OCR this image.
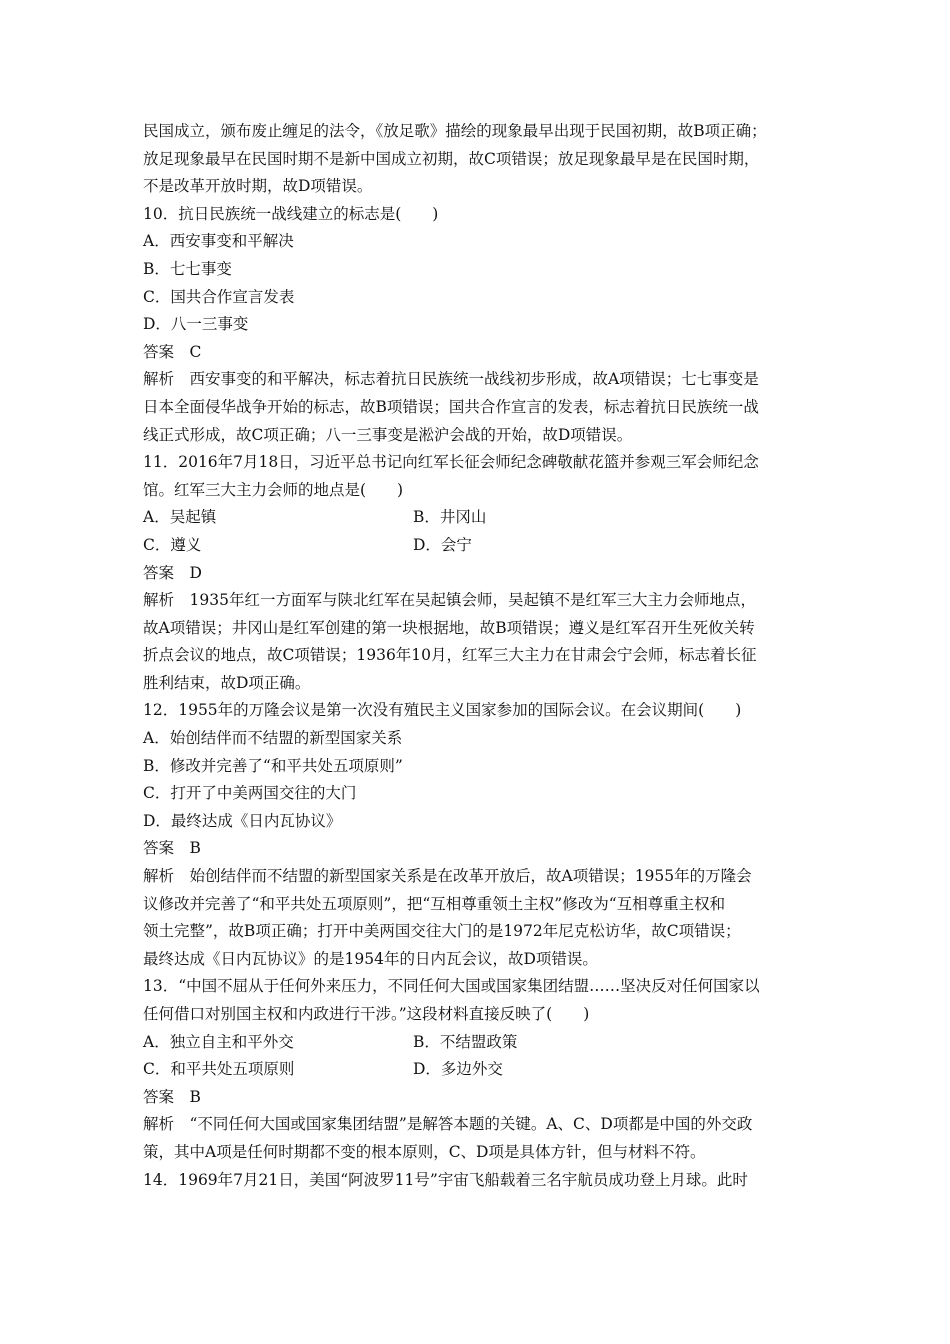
民国成立，颁布废止缠足的法令，《放足歌》描绘的现象最早出现于民国初期，故B项正确；
放足现象最早在民国时期不是新中国成立初期，故C项错误；放足现象最早是在民国时期，
不是改革开放时期，故D项错误。
10．抗日民族统一战线建立的标志是(　　)
A．西安事变和平解决
B．七七事变
C．国共合作宣言发表
D．八一三事变
答案　C
解析　西安事变的和平解决，标志着抗日民族统一战线初步形成，故A项错误；七七事变是
日本全面侵华战争开始的标志，故B项错误；国共合作宣言的发表，标志着抗日民族统一战
线正式形成，故C项正确；八一三事变是淞沪会战的开始，故D项错误。
11．2016年7月18日，习近平总书记向红军长征会师纪念碑敬献花篮并参观三军会师纪念
馆。红军三大主力会师的地点是(　　)
A．吴起镇	B．井冈山
C．遵义	D．会宁
答案　D
解析　1935年红一方面军与陕北红军在吴起镇会师，吴起镇不是红军三大主力会师地点，
故A项错误；井冈山是红军创建的第一块根据地，故B项错误；遵义是红军召开生死攸关转
折点会议的地点，故C项错误；1936年10月，红军三大主力在甘肃会宁会师，标志着长征
胜利结束，故D项正确。
12．1955年的万隆会议是第一次没有殖民主义国家参加的国际会议。在会议期间(　　)
A．始创结伴而不结盟的新型国家关系
B．修改并完善了“和平共处五项原则”
C．打开了中美两国交往的大门
D．最终达成《日内瓦协议》
答案　B
解析　始创结伴而不结盟的新型国家关系是在改革开放后，故A项错误；1955年的万隆会
议修改并完善了“和平共处五项原则”，把“互相尊重领土主权”修改为“互相尊重主权和
领土完整”，故B项正确；打开中美两国交往大门的是1972年尼克松访华，故C项错误；
最终达成《日内瓦协议》的是1954年的日内瓦会议，故D项错误。
13．“中国不屈从于任何外来压力，不同任何大国或国家集团结盟……坚决反对任何国家以
任何借口对别国主权和内政进行干涉。”这段材料直接反映了(　　)
A．独立自主和平外交	B．不结盟政策
C．和平共处五项原则	D．多边外交
答案　B
解析　“不同任何大国或国家集团结盟”是解答本题的关键。A、C、D项都是中国的外交政
策，其中A项是任何时期都不变的根本原则，C、D项是具体方针，但与材料不符。
14．1969年7月21日，美国“阿波罗11号”宇宙飞船载着三名宇航员成功登上月球。此时
